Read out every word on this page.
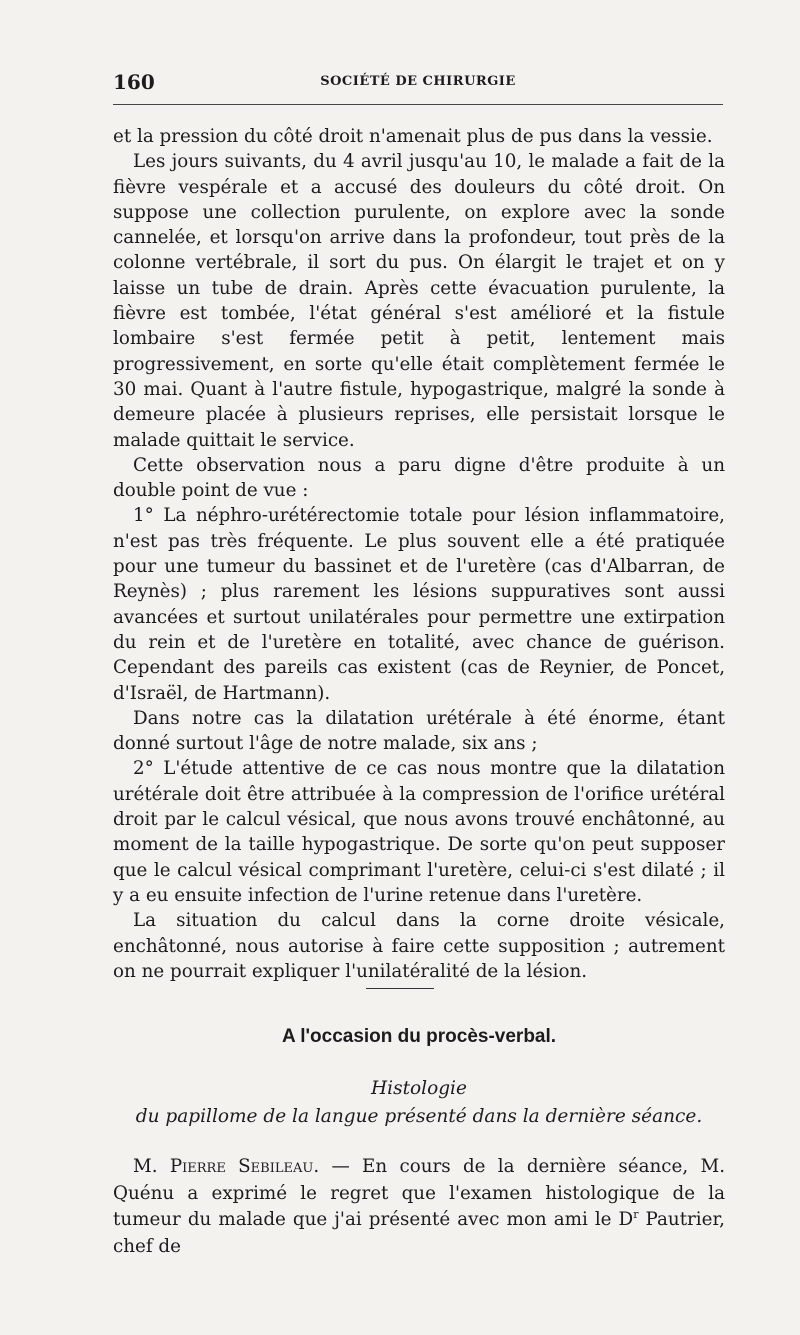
160	SOCIÉTÉ DE CHIRURGIE

et la pression du côté droit n'amenait plus de pus dans la vessie.

Les jours suivants, du 4 avril jusqu'au 10, le malade a fait de la fièvre vespérale et a accusé des douleurs du côté droit. On suppose une collection purulente, on explore avec la sonde cannelée, et lorsqu'on arrive dans la profondeur, tout près de la colonne vertébrale, il sort du pus. On élargit le trajet et on y laisse un tube de drain. Après cette évacuation purulente, la fièvre est tombée, l'état général s'est amélioré et la fistule lombaire s'est fermée petit à petit, lentement mais progressivement, en sorte qu'elle était complètement fermée le 30 mai. Quant à l'autre fistule, hypogastrique, malgré la sonde à demeure placée à plusieurs reprises, elle persistait lorsque le malade quittait le service.

Cette observation nous a paru digne d'être produite à un double point de vue :

1° La néphro-urétérectomie totale pour lésion inflammatoire, n'est pas très fréquente. Le plus souvent elle a été pratiquée pour une tumeur du bassinet et de l'uretère (cas d'Albarran, de Reynès) ; plus rarement les lésions suppuratives sont aussi avancées et surtout unilatérales pour permettre une extirpation du rein et de l'uretère en totalité, avec chance de guérison. Cependant des pareils cas existent (cas de Reynier, de Poncet, d'Israël, de Hartmann).

Dans notre cas la dilatation urétérale à été énorme, étant donné surtout l'âge de notre malade, six ans ;

2° L'étude attentive de ce cas nous montre que la dilatation urétérale doit être attribuée à la compression de l'orifice urétéral droit par le calcul vésical, que nous avons trouvé enchâtonné, au moment de la taille hypogastrique. De sorte qu'on peut supposer que le calcul vésical comprimant l'uretère, celui-ci s'est dilaté ; il y a eu ensuite infection de l'urine retenue dans l'uretère.

La situation du calcul dans la corne droite vésicale, enchâtonné, nous autorise à faire cette supposition ; autrement on ne pourrait expliquer l'unilatéralité de la lésion.

A l'occasion du procès-verbal.
Histologie
du papillome de la langue présenté dans la dernière séance.

M. Pierre Sebileau. — En cours de la dernière séance, M. Quénu a exprimé le regret que l'examen histologique de la tumeur du malade que j'ai présenté avec mon ami le $D^r$ Pautrier, chef de
